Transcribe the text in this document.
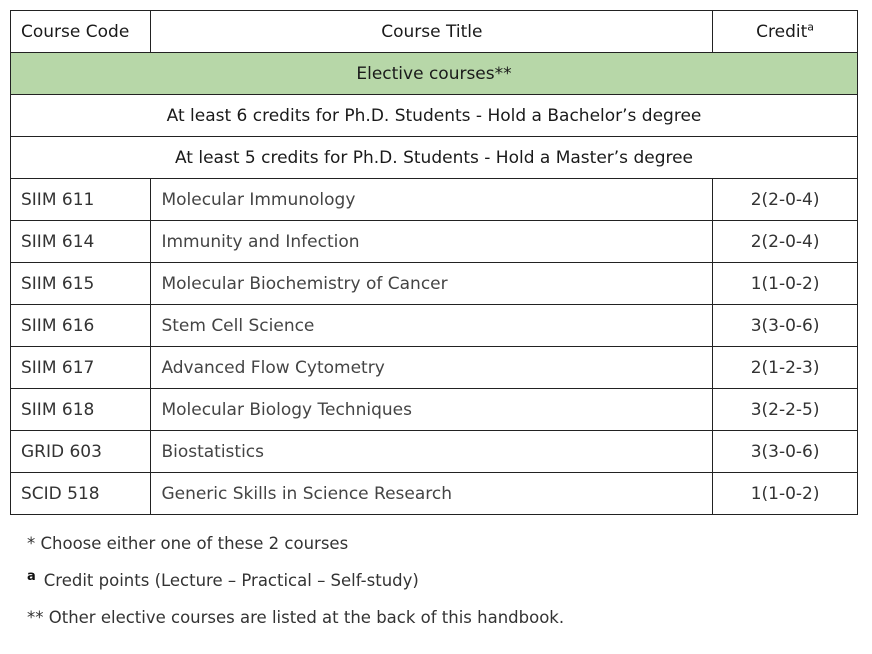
Course Code	Course Title	Credit$^a$
Elective courses**		
At least 6 credits for Ph.D. Students - Hold a Bachelor’s degree		
At least 5 credits for Ph.D. Students - Hold a Master’s degree		
SIIM 611	Molecular Immunology	2(2-0-4)
SIIM 614	Immunity and Infection	2(2-0-4)
SIIM 615	Molecular Biochemistry of Cancer	1(1-0-2)
SIIM 616	Stem Cell Science	3(3-0-6)
SIIM 617	Advanced Flow Cytometry	2(1-2-3)
SIIM 618	Molecular Biology Techniques	3(2-2-5)
GRID 603	Biostatistics	3(3-0-6)
SCID 518	Generic Skills in Science Research	1(1-0-2)
* Choose either one of these 2 courses
$^a$ Credit points (Lecture – Practical – Self-study)
** Other elective courses are listed at the back of this handbook.
